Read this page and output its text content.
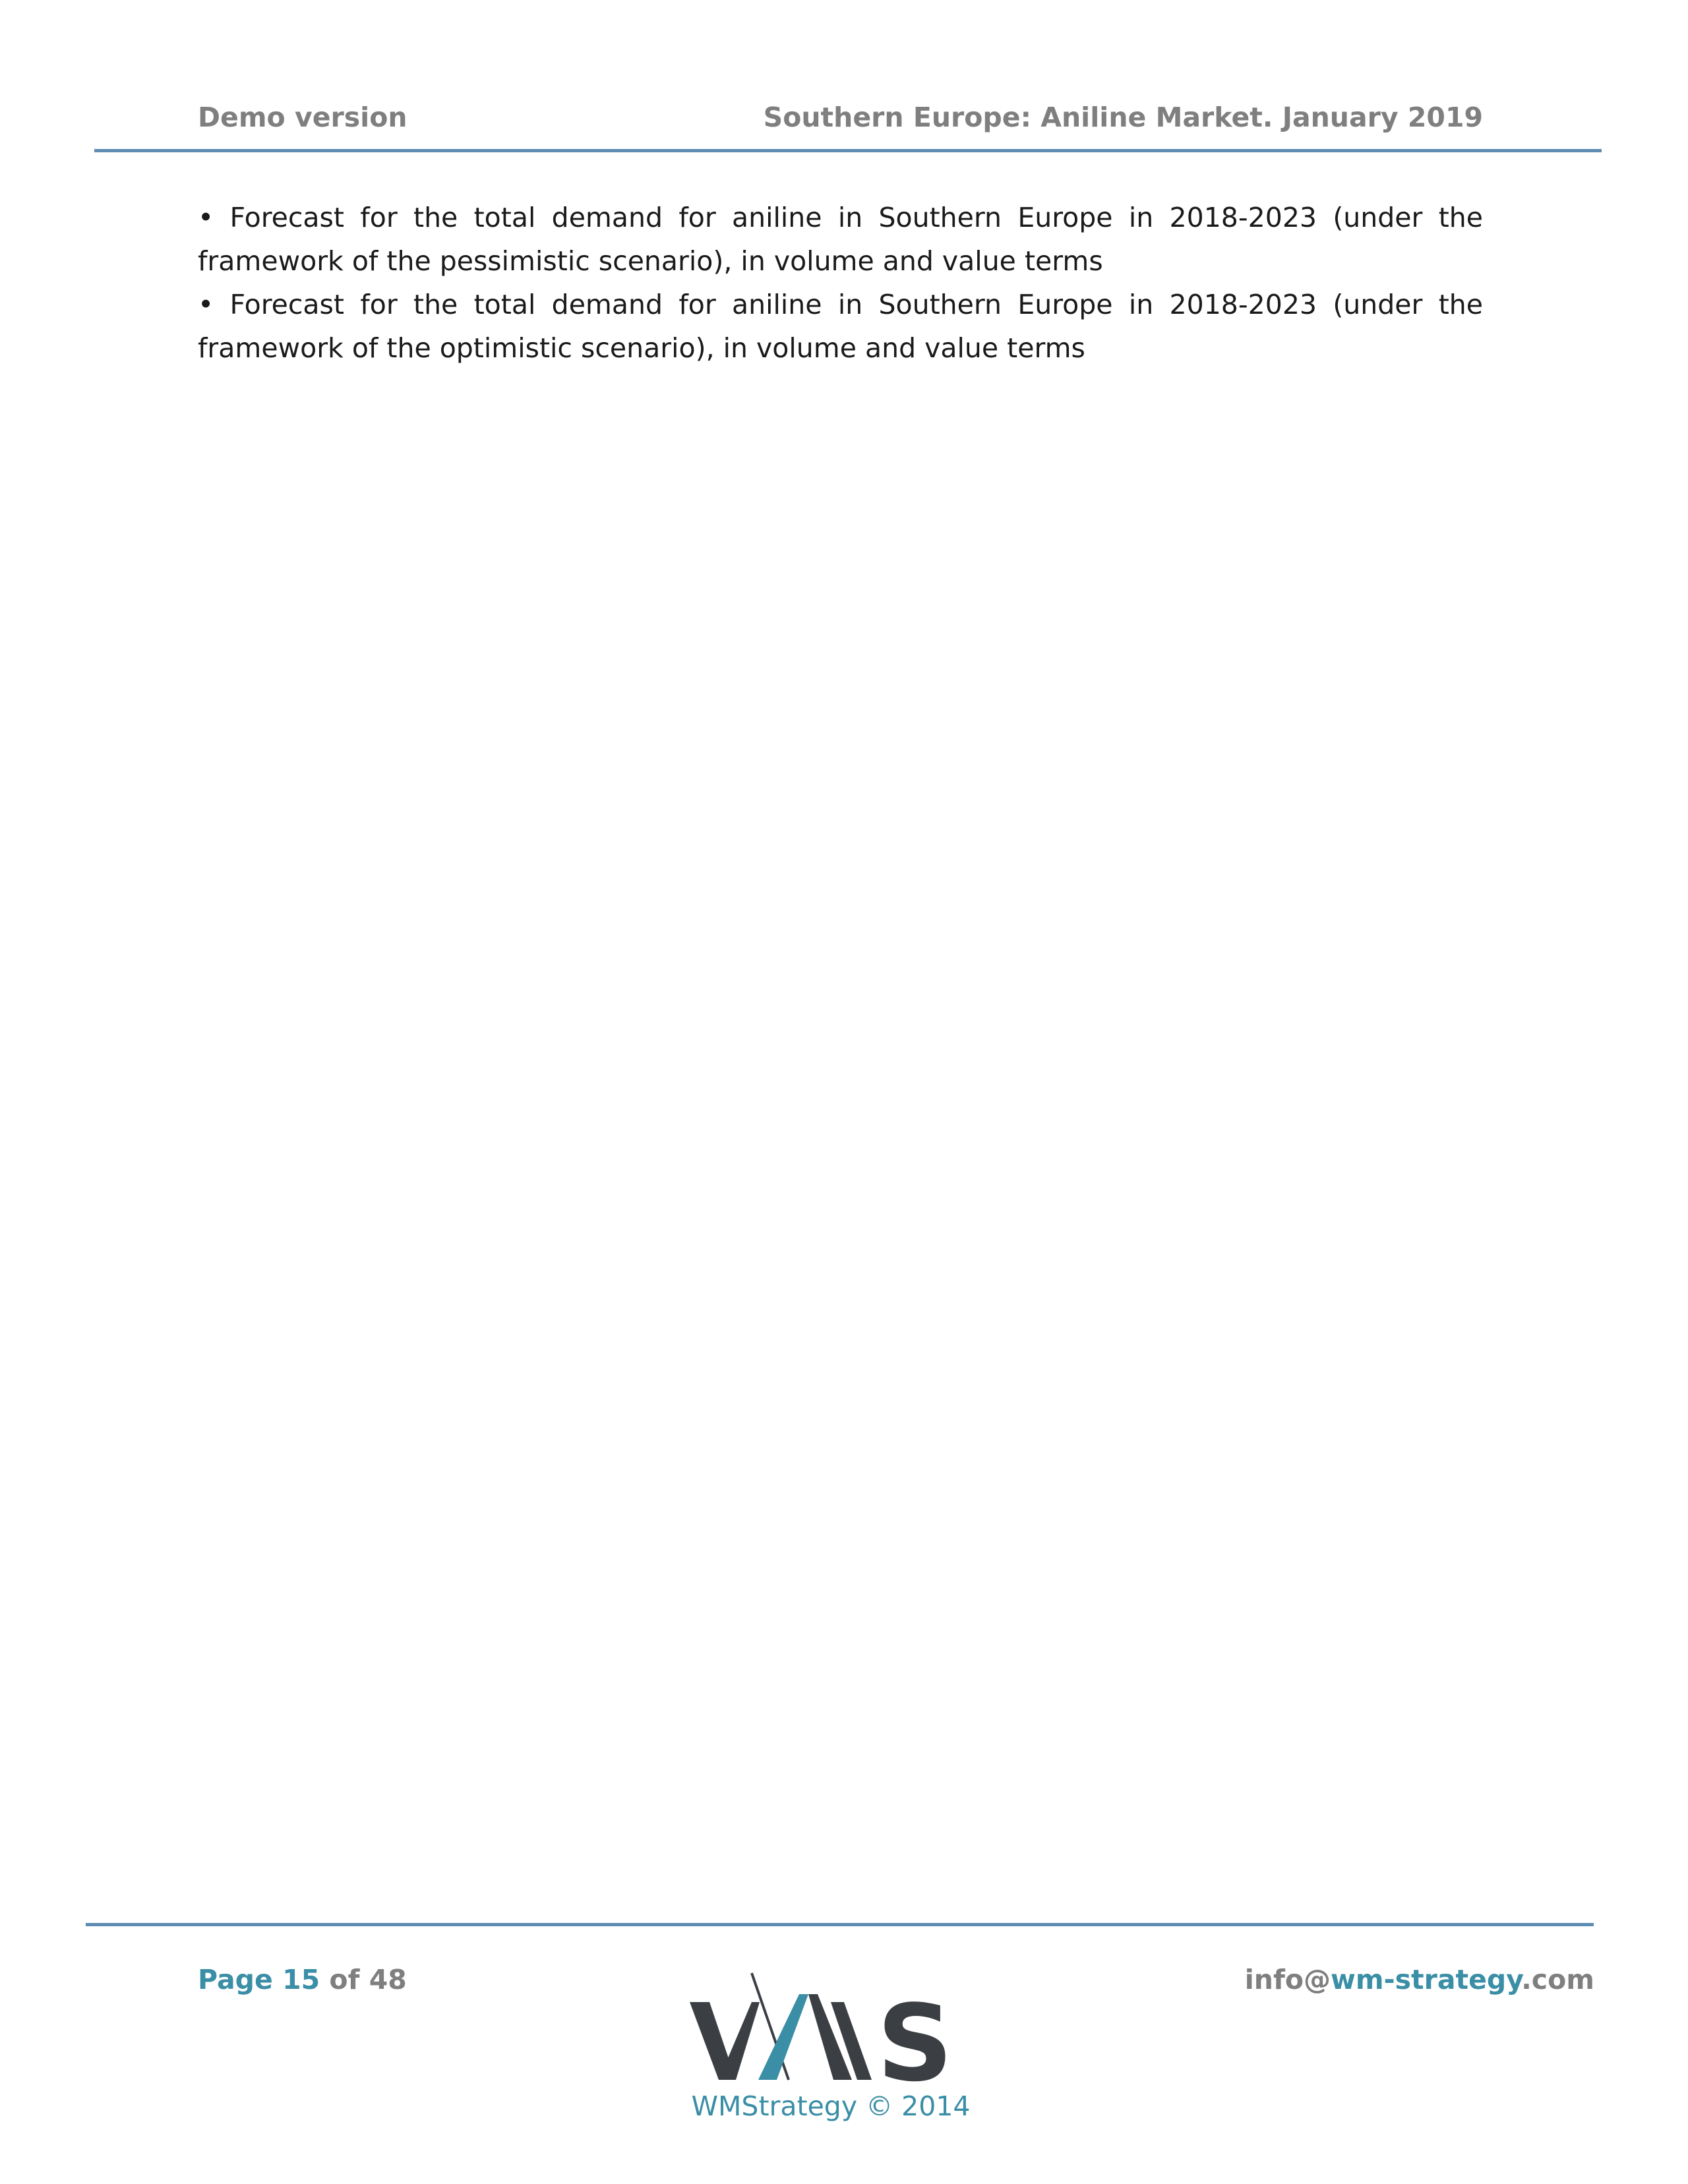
Demo version	Southern Europe: Aniline Market. January 2019

• Forecast for the total demand for aniline in Southern Europe in 2018-2023 (under the framework of the pessimistic scenario), in volume and value terms

• Forecast for the total demand for aniline in Southern Europe in 2018-2023 (under the framework of the optimistic scenario), in volume and value terms

Page 15 of 48	info@wm-strategy.com
S
WMStrategy © 2014
